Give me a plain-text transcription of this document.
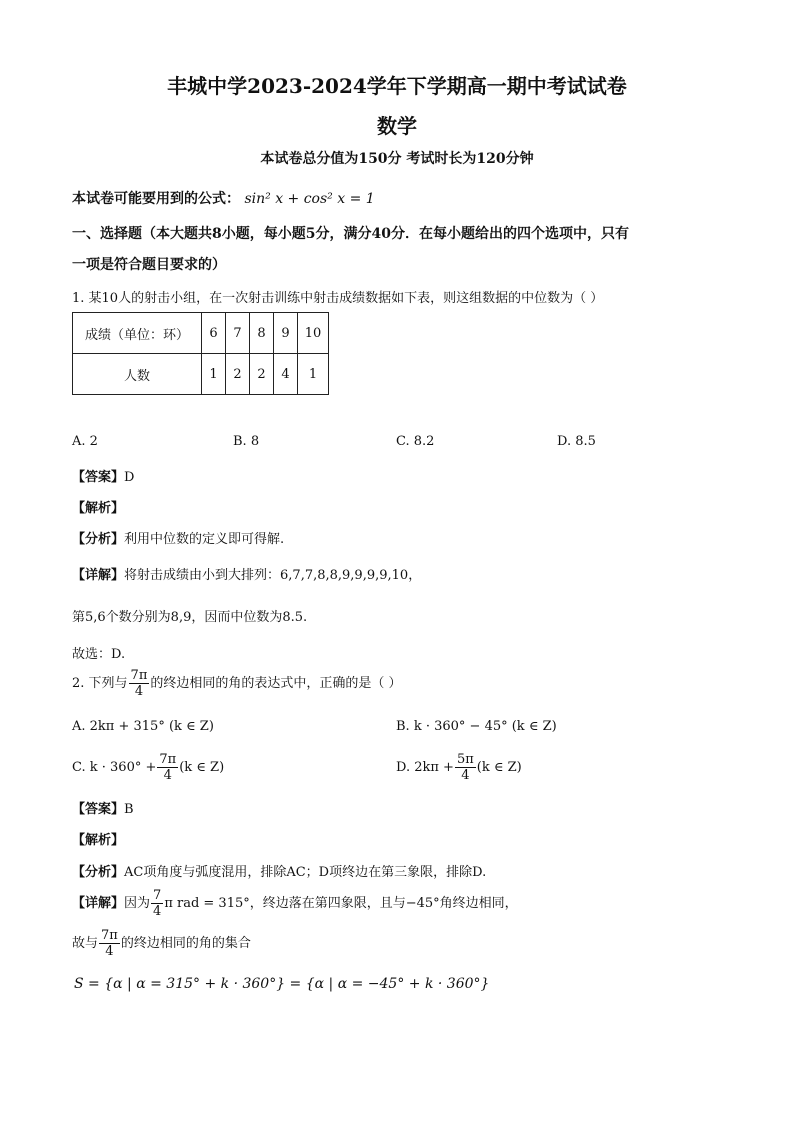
丰城中学2023-2024学年下学期高一期中考试试卷
数学
本试卷总分值为150分 考试时长为120分钟
本试卷可能要用到的公式： sin² x + cos² x = 1
一、选择题（本大题共8小题，每小题5分，满分40分．在每小题给出的四个选项中，只有
一项是符合题目要求的）
1. 某10人的射击小组，在一次射击训练中射击成绩数据如下表，则这组数据的中位数为（ ）
成绩（单位：环）	6	7	8	9	10
人数	1	2	2	4	1
A. 2	B. 8	C. 8.2	D. 8.5
【答案】D
【解析】
【分析】利用中位数的定义即可得解.
【详解】将射击成绩由小到大排列：6,7,7,8,8,9,9,9,9,10，
第5,6个数分别为8,9，因而中位数为8.5.
故选：D.
2. 下列与 $\frac{7\pi}{4}$ 的终边相同的角的表达式中，正确的是（ ）
A. 2kπ + 315° (k ∈ Z)	B. k · 360° − 45° (k ∈ Z)
C. $k \cdot 360^\circ + \frac{7\pi}{4} (k$ ∈ Z)	D. $2k\pi + \frac{5\pi}{4} (k$ ∈ Z)
【答案】B
【解析】
【分析】AC项角度与弧度混用，排除AC；D项终边在第三象限，排除D.
【详解】因为 $\frac{7}{4}$ π rad = 315°，终边落在第四象限，且与−45°角终边相同，
故与 $\frac{7\pi}{4}$ 的终边相同的角的集合
S = {α | α = 315° + k · 360°} = {α | α = −45° + k · 360°}
